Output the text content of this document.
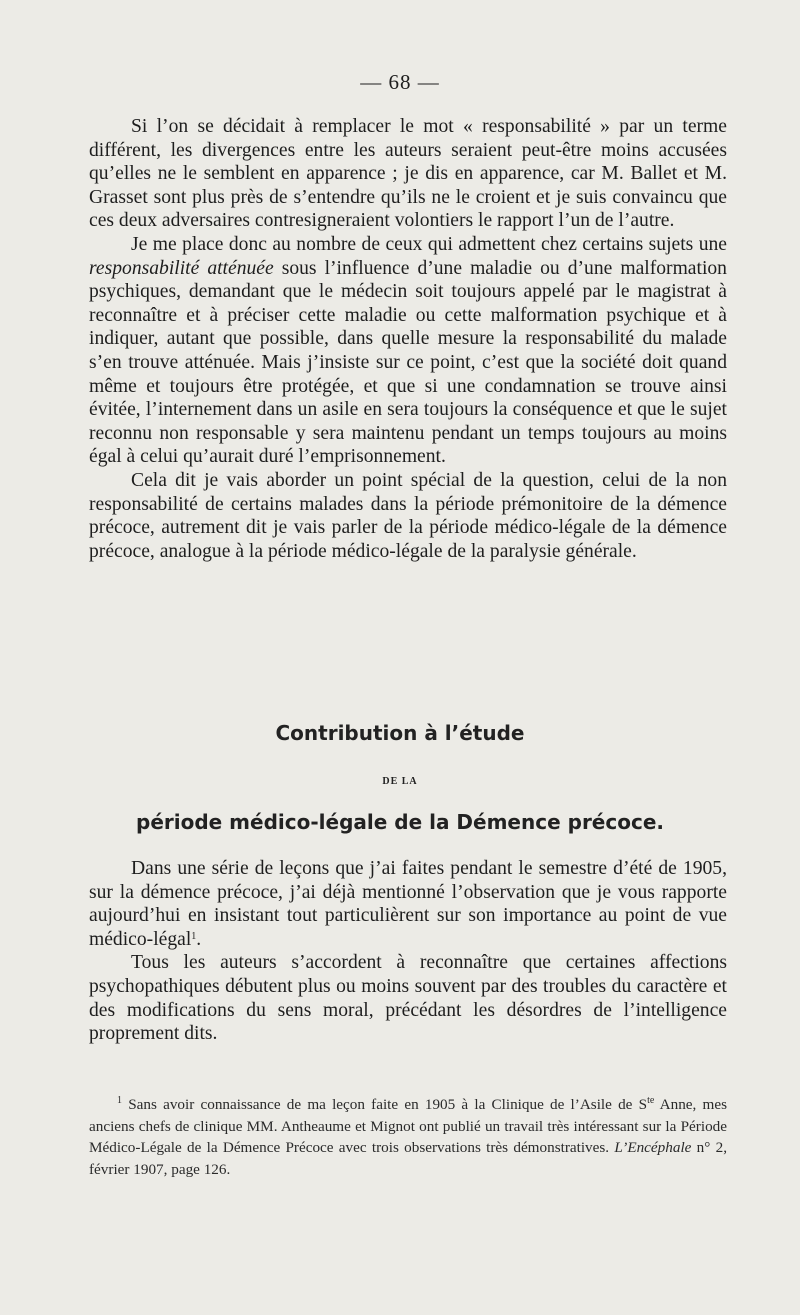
— 68 —

Si l’on se décidait à remplacer le mot « responsabilité » par un terme différent, les divergences entre les auteurs seraient peut-être moins accusées qu’elles ne le semblent en apparence ; je dis en apparence, car M. Ballet et M. Grasset sont plus près de s’entendre qu’ils ne le croient et je suis convaincu que ces deux adversaires contresigneraient volontiers le rapport l’un de l’autre.

Je me place donc au nombre de ceux qui admettent chez certains sujets une responsabilité atténuée sous l’influence d’une maladie ou d’une malformation psychiques, demandant que le médecin soit toujours appelé par le magistrat à reconnaître et à préciser cette maladie ou cette malformation psychique et à indiquer, autant que possible, dans quelle mesure la responsabilité du malade s’en trouve atténuée. Mais j’insiste sur ce point, c’est que la société doit quand même et toujours être protégée, et que si une condamnation se trouve ainsi évitée, l’internement dans un asile en sera toujours la conséquence et que le sujet reconnu non responsable y sera maintenu pendant un temps toujours au moins égal à celui qu’aurait duré l’emprisonnement.

Cela dit je vais aborder un point spécial de la question, celui de la non responsabilité de certains malades dans la période prémonitoire de la démence précoce, autrement dit je vais parler de la période médico-légale de la démence précoce, analogue à la période médico-légale de la paralysie générale.

Contribution à l’étude
DE LA
période médico-légale de la Démence précoce.

Dans une série de leçons que j’ai faites pendant le semestre d’été de 1905, sur la démence précoce, j’ai déjà mentionné l’observation que je vous rapporte aujourd’hui en insistant tout particulièrent sur son importance au point de vue médico-légal$^1$.

Tous les auteurs s’accordent à reconnaître que certaines affections psychopathiques débutent plus ou moins souvent par des troubles du caractère et des modifications du sens moral, précédant les désordres de l’intelligence proprement dits.

$^1$ Sans avoir connaissance de ma leçon faite en 1905 à la Clinique de l’Asile de $S^{te}$ Anne, mes anciens chefs de clinique MM. Antheaume et Mignot ont publié un travail très intéressant sur la Période Médico-Légale de la Démence Précoce avec trois observations très démonstratives. L’Encéphale n° 2, février 1907, page 126.
